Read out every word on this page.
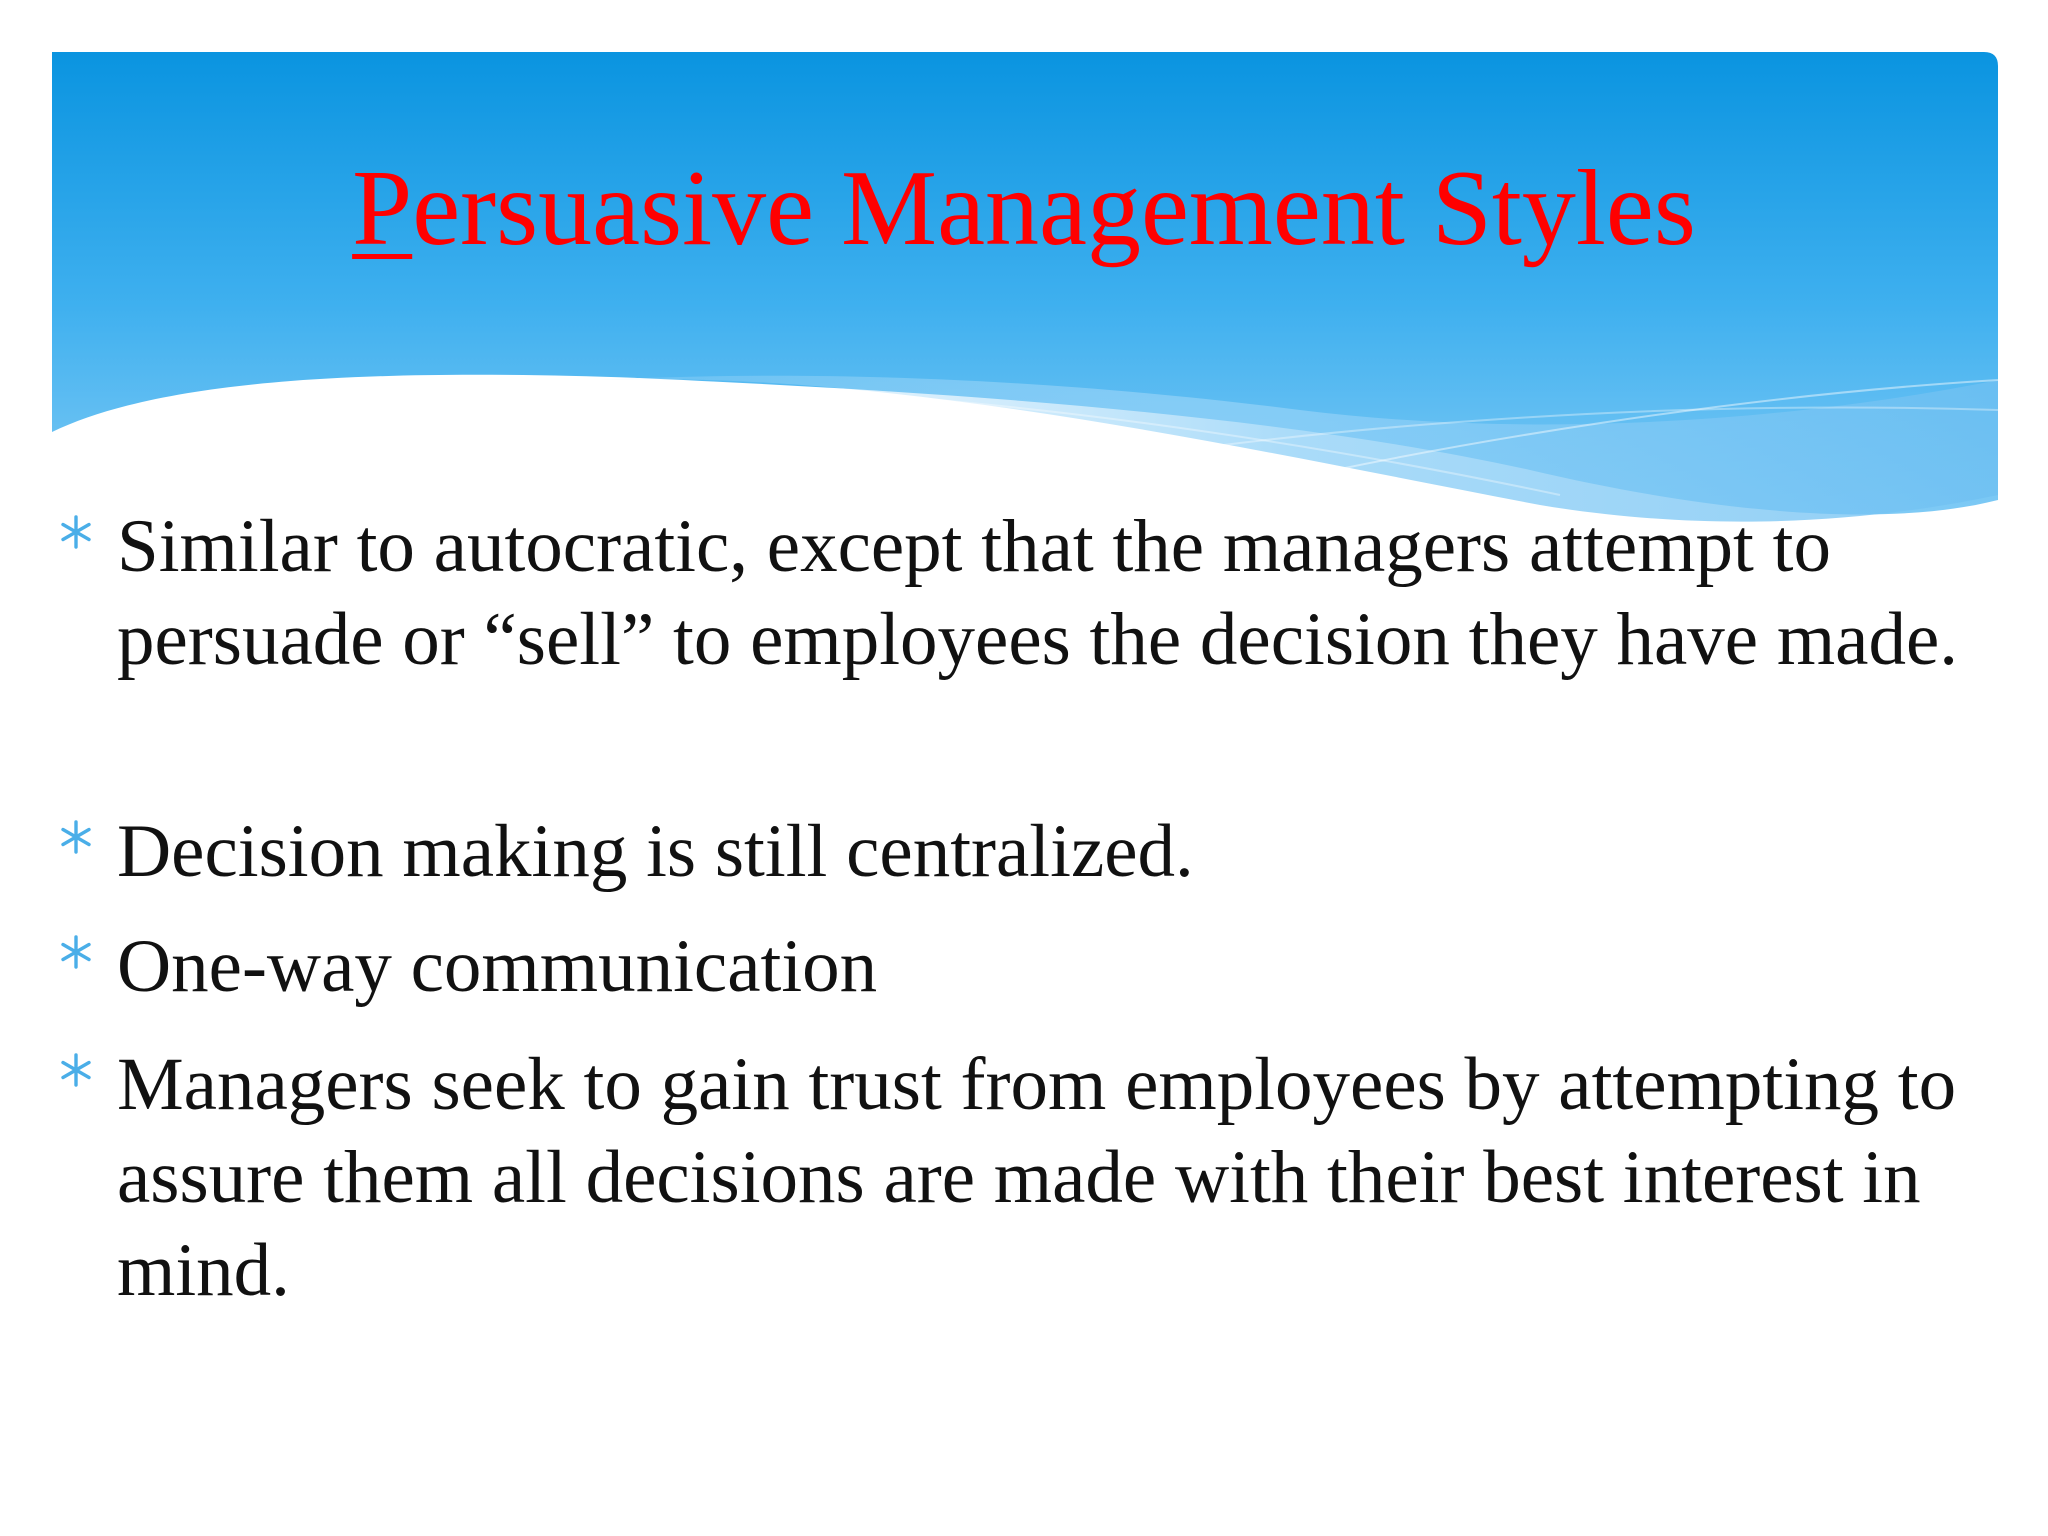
Persuasive Management Styles
Similar to autocratic, except that the managers attempt to persuade or “sell” to employees the decision they have made.
Decision making is still centralized.
One-way communication
Managers seek to gain trust from employees by attempting to assure them all decisions are made with their best interest in mind.
